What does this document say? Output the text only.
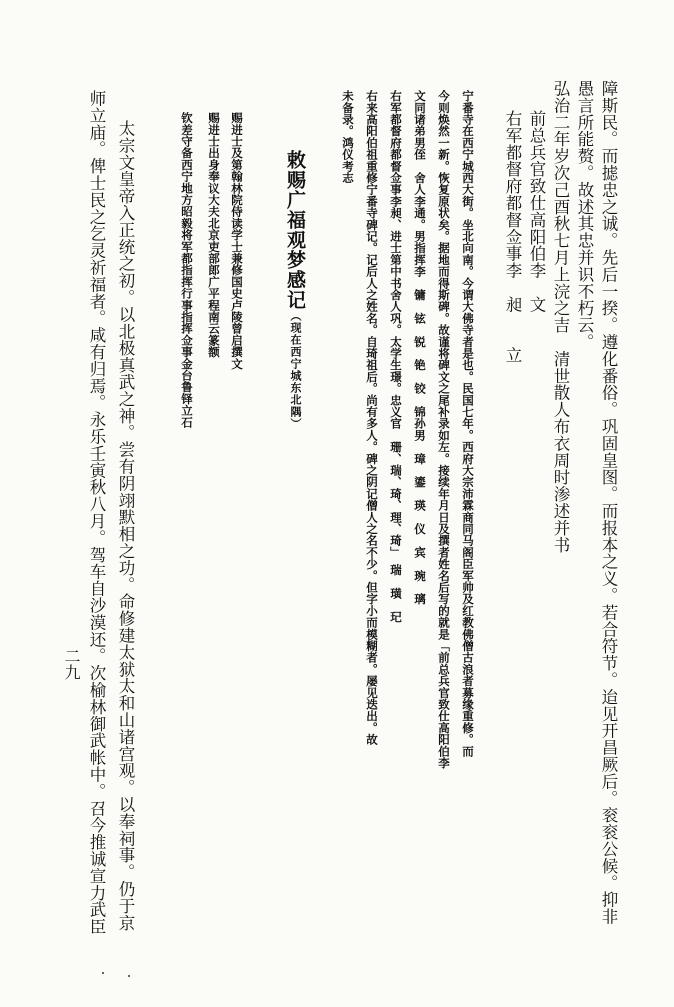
障斯民。而摅忠之诚。先后一揆。遵化番俗。巩固皇图。而报本之义。若合符节。迨见开昌厥后。衮衮公候。抑非
愚言所能赘。故述其忠并识不朽云。
弘治二年岁次己酉秋七月上浣之吉　清世散人布衣周时渗述并书
前总兵官致仕高阳伯李　文
右军都督府都督佥事李　昶　　立
宁番寺在西宁城西大街。坐北向南。今谓大佛寺者是也。民国七年。西府大宗沛霖商同马阁臣军帅及红教佛僧古浪者募缘重修。而
今则焕然一新。恢复原状矣。据地而得斯碑。故谨将碑文之尾补录如左。接续年月日及撰者姓名后写的就是「前总兵官致仕高阳伯李
文同诸弟男侄　舍人李通。男指挥李　镛　铉　锐　铯　铰　锦孙男　璋　鎏　瑛　仪　宾　琬　璃
右军都督府都督佥事李昶、进士第中书舍人巩。太学生璟。忠义官　珊、瑞、琦、理、琦」　瑞　璜　玘
右来高阳伯祖重修宁番寺碑记。记后人之姓名。自琦祖后。尚有多人。碑之阴记僧人之名不少。但字小而模糊者。屡见迭出。故
未备录。鸿仪考志
敕赐广福观梦感记（现在西宁城东北隅）
赐进士及第翰林院侍读学士兼修国史卢陵曾启撰文
赐进士出身奉议大夫北京吏部郎广平程南云篆额
钦差守备西宁地方昭毅将军都指挥行事指挥佥事金台鲁铎立石
太宗文皇帝入正统之初。以北极真武之神。尝有阴翊默相之功。命修建太狱太和山诸宫观。以奉祠事。仍于京
师立庙。俾士民之乞灵祈福者。咸有归焉。永乐壬寅秋八月。驾车自沙漠还。次榆林御武帐中。召今推诚宣力武臣
二九
